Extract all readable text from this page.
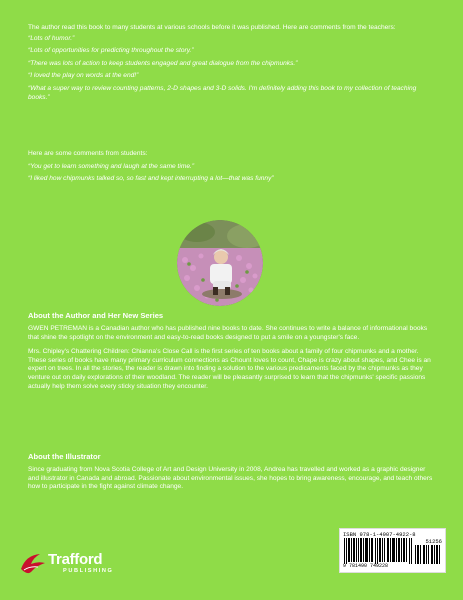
The author read this book to many students at various schools before it was published. Here are comments from the teachers:
“Lots of humor.”
“Lots of opportunities for predicting throughout the story.”
“There was lots of action to keep students engaged and great dialogue from the chipmunks.”
“I loved the play on words at the end!”
“What a super way to review counting patterns, 2-D shapes and 3-D solids. I'm definitely adding this book to my collection of teaching books.”
Here are some comments from students:
“You get to learn something and laugh at the same time.”
“I liked how chipmunks talked so, so fast and kept interrupting a lot—that was funny”
About the Author and Her New Series
GWEN PETREMAN is a Canadian author who has published nine books to date. She continues to write a balance of informational books that shine the spotlight on the environment and easy-to-read books designed to put a smile on a youngster's face.
Mrs. Chipley's Chattering Children: Chianna's Close Call is the first series of ten books about a family of four chipmunks and a mother. These series of books have many primary curriculum connections as Chount loves to count, Chape is crazy about shapes, and Chee is an expert on trees. In all the stories, the reader is drawn into finding a solution to the various predicaments faced by the chipmunks as they venture out on daily explorations of their woodland. The reader will be pleasantly surprised to learn that the chipmunks' specific passions actually help them solve every sticky situation they encounter.
About the Illustrator
Since graduating from Nova Scotia College of Art and Design University in 2008, Andrea has travelled and worked as a graphic designer and illustrator in Canada and abroad. Passionate about environmental issues, she hopes to bring awareness, encourage, and teach others how to participate in the fight against climate change.
Trafford
PUBLISHING
ISBN 978-1-4907-4922-8
51256
9 781490 749228
